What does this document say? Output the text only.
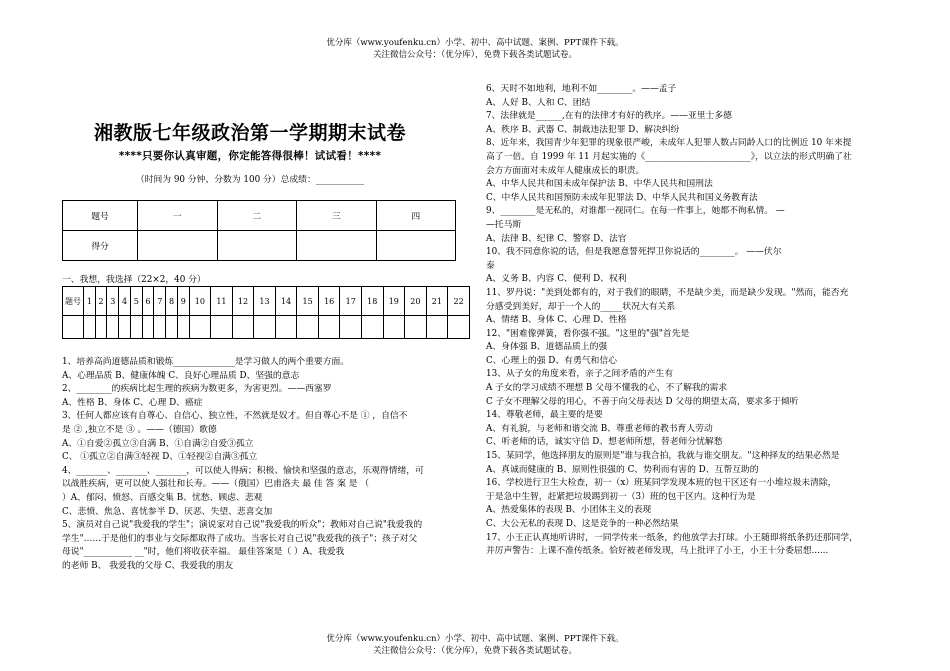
优分库（www.youfenku.cn）小学、初中、高中试题、案例、PPT课件下载。
关注微信公众号：（优分库），免费下载各类试题试卷。
优分库（www.youfenku.cn）小学、初中、高中试题、案例、PPT课件下载。
关注微信公众号：（优分库），免费下载各类试题试卷。
湘教版七年级政治第一学期期末试卷
****只要你认真审题，你定能答得很棒！试试看！****
（时间为 90 分钟、分数为 100 分）总成绩：___________
题号	一	二	三	四
得分				
一、我想，我选择（22×2，40 分）
题号	1	2	3	4	5	6	7	8	9	10	11	12	13	14	15	16	17	18	19	20	21	22

1、培养高尚道德品质和锻炼______________是学习做人的两个重要方面。

A、心理品质 B、健康体魄 C、良好心理品质 D、坚强的意志

2、________的疾病比起生理的疾病为数更多，为害更烈。——西塞罗

A、性格 B、身体 C、心理 D、癌症

3、任何人都应该有自尊心、自信心、独立性，不然就是奴才。但自尊心不是 ① ，自信不

是 ② ,独立不是 ③ 。——（德国）歌德

A、①自爱②孤立③自满 B、①自满②自爱③孤立

C、 ①孤立②自满③轻视 D、①轻视②自满③孤立

4、_______、_______、_______，可以使人得病；积极、愉快和坚强的意志，乐观得情绪，可

以战胜疾病，更可以使人强壮和长寿。——（俄国）巴甫洛夫 最 佳 答 案 是 （

）A、郁闷、愤怒、百感交集 B、忧愁、顾虑、悲观

C、悲愤、焦急、喜忧参半 D、厌恶、失望、悲喜交加

5、演员对自己说"我爱我的学生"；演说家对自己说"我爱我的听众"；教师对自己说"我爱我的

学生"……于是他们的事业与交际都取得了成功。当客长对自己说"我爱我的孩子"；孩子对父

母说"___________ __"时，他们将收获幸福。 最佳答案是（ ）A、我爱我

的老师 B、 我爱我的父母 C、我爱我的朋友

6、天时不如地利，地利不如________。——孟子

A、人好 B、人和 C、团结

7、法律就是______,在有的法律才有好的秩序。——亚里士多德

A、秩序 B、武器 C、制裁违法犯罪 D、解决纠纷

8、近年来，我国青少年犯罪的现象很严峻，未成年人犯罪人数占同龄人口的比例近 10 年来提

高了一倍。自 1999 年 11 月起实施的《________________________》，以立法的形式明确了社

会方方面面对未成年人健康成长的职责。

A、中华人民共和国未成年保护法 B、中华人民共和国刑法

C、中华人民共和国预防未成年犯罪法 D、中华人民共和国义务教育法

9、________是无私的，对谁都一视同仁。在每一件事上，她都不徇私情。 —

—托马斯

A、法律 B、纪律 C、警察 D、法官

10、我不同意你说的话，但是我愿意誓死捍卫你说话的________。 ——伏尔

泰

A、义务 B、内容 C、便利 D、权利

11、罗丹说："美到处都有的，对于我们的眼睛，不是缺少美，而是缺少发现。"然而，能否充

分感受到美好，却于一个人的_____状况大有关系

A、情绪 B、身体 C、心理 D、性格

12、"困难像弹簧，看你强不强。"这里的"强"首先是

A、身体强 B、道德品质上的强

C、心理上的强 D、有勇气和信心

13、从子女的角度来看，亲子之间矛盾的产生有

A 子女的学习成绩不理想 B 父母不懂我的心，不了解我的需求

C 子女不理解父母的用心，不善于向父母表达 D 父母的期望太高，要求多于倾听

14、尊敬老师，最主要的是要

A、有礼貌，与老师和谐交流 B、尊重老师的教书育人劳动

C、听老师的话，诚实守信 D、想老师所想，替老师分忧解愁

15、某同学，他选择朋友的原则是"谁与我合拍，我就与谁交朋友。"这种择友的结果必然是

A、真诚而健康的 B、原则性很强的 C、势利而有害的 D、互帮互助的

16、学校进行卫生大检查，初一（x）班某同学发现本班的包干区还有一小堆垃圾未清除，

于是急中生智，赶紧把垃圾踢到初一（3）班的包干区内。这种行为是

A、热爱集体的表现 B、小团体主义的表现

C、大公无私的表现 D、这是竞争的一种必然结果

17、小王正认真地听讲时，一同学传来一纸条，约他放学去打球。小王随即将纸条扔还那同学，

并厉声警告：上课不准传纸条。恰好被老师发现，马上批评了小王，小王十分委屈想......
